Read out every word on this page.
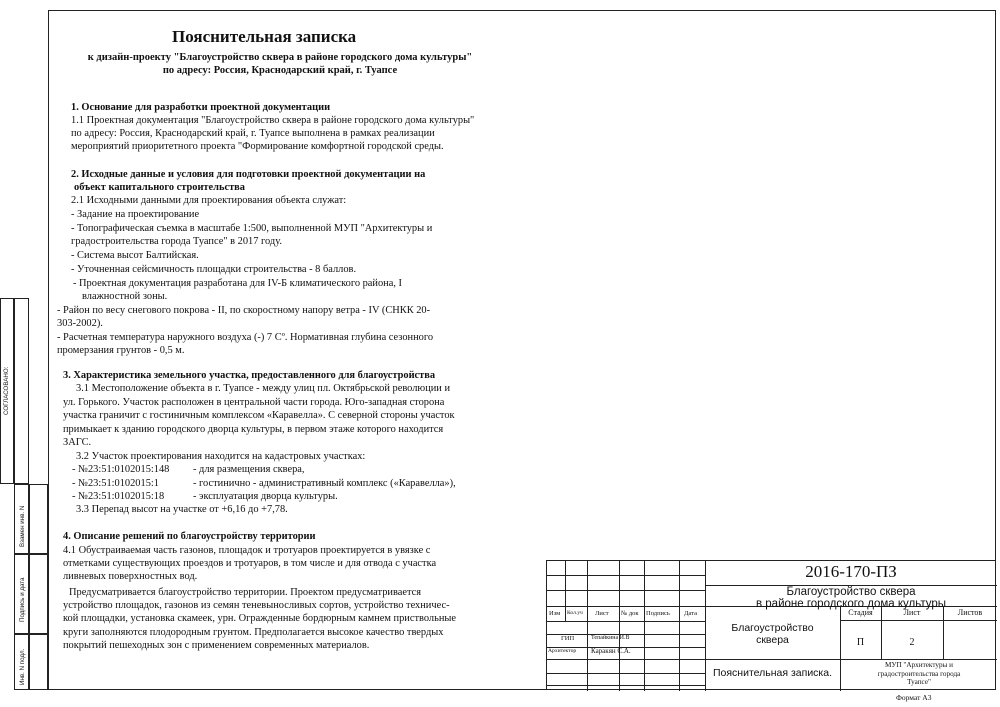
Пояснительная записка
к дизайн-проекту "Благоустройство сквера в районе городского дома культуры"
по адресу: Россия, Краснодарский край, г. Туапсе
1. Основание для разработки проектной документации
1.1 Проектная документация "Благоустройство сквера в районе городского дома культуры"
по адресу: Россия, Краснодарский край, г. Туапсе выполнена в рамках реализации
мероприятий приоритетного проекта "Формирование комфортной городской среды.
2. Исходные данные и условия для подготовки проектной документации на
объект капитального строительства
2.1 Исходными данными для проектирования объекта служат:
- Задание на проектирование
- Топографическая съемка в масштабе 1:500, выполненной МУП "Архитектуры и
градостроительства города Туапсе" в 2017 году.
- Система высот Балтийская.
- Уточненная сейсмичность площадки строительства - 8 баллов.
- Проектная документация разработана для IV-Б климатического района, I
влажностной зоны.
- Район по весу снегового покрова - II, по скоростному напору ветра - IV (СНКК 20-
303-2002).
- Расчетная температура наружного воздуха (-) 7 Cº. Нормативная глубина сезонного
промерзания грунтов - 0,5 м.
3. Характеристика земельного участка, предоставленного для благоустройства
3.1 Местоположение объекта в г. Туапсе - между улиц пл. Октябрьской революции и
ул. Горького. Участок расположен в центральной части города. Юго-западная сторона
участка граничит с гостиничным комплексом «Каравелла». С северной стороны участок
примыкает к зданию городского дворца культуры, в первом этаже которого находится
ЗАГС.
3.2 Участок проектирования находится на кадастровых участках:
- №23:51:0102015:148 - для размещения сквера,
- №23:51:0102015:1	- гостинично - административный комплекс («Каравелла»),
- №23:51:0102015:18	- эксплуатация дворца культуры.
3.3 Перепад высот на участке от +6,16 до +7,78.
4. Описание решений по благоустройству территории
4.1 Обустраиваемая часть газонов, площадок и тротуаров проектируется в увязке с
отметками существующих проездов и тротуаров, в том числе и для отвода с участка
ливневых поверхностных вод.
Предусматривается благоустройство территории. Проектом предусматривается
устройство площадок, газонов из семян теневыносливых сортов, устройство техничес-
кой площадки, установка скамеек, урн. Огражденные бордюрным камнем приствольные
круги заполняются плодородным грунтом. Предполагается высокое качество твердых
покрытий пешеходных зон с применением современных материалов.
СОГЛАСОВАНО:
Взамен инв. N
Подпись и дата
Инв. N подл.
Изм Кол.уч Лист № док Подпись Дата
ГИП	Тепайкина И.В
Архитектор Каракян С.А.
2016-170-ПЗ
Благоустройство сквера
в районе городского дома культуры
Благоустройство
сквера
Стадия	Лист	Листов
П	2
Пояснительная записка.
МУП "Архитектуры и
градостроительства города
Туапсе"
Формат А3
